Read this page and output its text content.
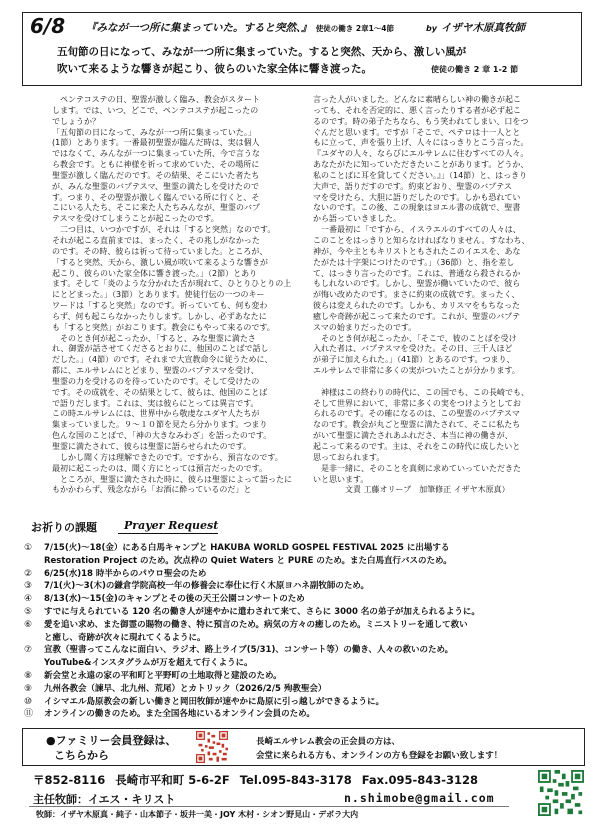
6/8 『みなが一つ所に集まっていた。すると突然、』 使徒の働き 2章1〜4節	by イザヤ木原真牧師
五旬節の日になって、みなが一つ所に集まっていた。すると突然、天から、激しい風が
吹いて来るような響きが起こり、彼らのいた家全体に響き渡った。	使徒の働き 2 章 1-2 節
　ペンテコステの日、聖霊が激しく臨み、教会がスタート
します。では、いつ、どこで、ペンテコステが起こったの
でしょうか？
「五旬節の日になって、みなが一つ所に集まっていた。」
(1節）とあります。一番最初聖霊が臨んだ時は、実は個人
ではなくて、みんなが一つに集まっていた所、今で言うな
ら教会です。ともに神様を祈って求めていた、その場所に
聖霊が激しく臨んだのです。その結果、そこにいた者たち
が、みんな聖霊のバプテスマ、聖霊の満たしを受けたので
す。つまり、その聖霊が激しく臨んでいる所に行くと、そ
こにいる人たち、そこに来た人たちみんなが、聖霊のバプ
テスマを受けてしまうことが起こったのです。
　二つ目は、いつかですが、それは「すると突然」なのです。
それが起こる直前までは、まったく、その兆しがなかった
のです。その時、彼らは祈って待っていました。ところが、
「すると突然、天から、激しい風が吹いて来るような響きが
起こり、彼らのいた家全体に響き渡った。」（2節）とあり
ます。そして「炎のような分かれた舌が現れて、ひとりひとりの上
にとどまった。」（3節）とあります。使徒行伝の一つのキー
ワードは「すると突然」なのです。祈っていても、何も変わ
らず、何も起こらなかったりします。しかし、必ずあなたに
も「すると突然」がおこります。教会にもやって来るのです。
　そのとき何が起こったか、「すると、みな聖霊に満たさ
れ、御霊が話させてくださるとおりに、他国のことばで話し
だした。」（4節）のです。それまで大宣教命令に従うために、
都に、エルサレムにとどまり、聖霊のバプテスマを受け、
聖霊の力を受けるのを待っていたのです。そして受けたの
です。その成就を、その結果として、彼らは、他国のことば
で語りだします。これは、実は彼らにとっては異言です。
この時エルサレムには、世界中から敬虔なユダヤ人たちが
集まっていました。９〜１０節を見たら分かります。つまり
色んな国のことばで、「神の大きなみわざ」を語ったのです。
聖霊に満たされて、彼らは聖霊に語らせられたのです。
　しかし聞く方は理解できたのです。ですから、預言なのです。
最初に起こったのは、聞く方にとっては預言だったのです。
　ところが、聖霊に満たされた時に、彼らは聖霊によって語ったに
もかかわらず、残念ながら「お酒に酔っているのだ」と
言った人がいました。どんなに素晴らしい神の働きが起こ
っても、それを否定的に、悪く言ったりする者が必ず起こ
るのです。時の弟子たちなら、もう笑われてしまい、口をつ
ぐんだと思います。ですが「そこで、ペテロは十一人とと
もに立って、声を張り上げ、人々にはっきりとこう言った。
『ユダヤの人々、ならびにエルサレムに住むすべての人々。
あなたがたに知っていただきたいことがあります。どうか、
私のことばに耳を貸してください。』」（14節）と、はっきり
大声で、語りだすのです。約束どおり、聖霊のバプテス
マを受けたら、大胆に語りだしたのです。しかも恐れてい
ないのです。この後、この現象はヨエル書の成就で、聖書
から語っていきました。
　一番最初に「ですから、イスラエルのすべての人々は、
このことをはっきりと知らなければなりません。すなわち、
神が、今や主ともキリストともされたこのイエスを、あな
たがたは十字架につけたのです。」（36節）と、指を差し
て、はっきり言ったのです。これは、普通なら殺されるか
もしれないのです。しかし、聖霊が働いていたので、彼ら
が悔い改めたのです。まさに約束の成就です。まったく、
彼らは変えられたのです。しかも、カリスマをもちなった
癒しや奇跡が起こって来たのです。これが、聖霊のバプテ
スマの始まりだったのです。
　そのとき何が起こったか、「そこで、彼のことばを受け
入れた者は、バプテスマを受けた。その日、三千人ほど
が弟子に加えられた。」（41節）とあるのです。つまり、
エルサレムで非常に多くの実がついたことが分かります。
　神様はこの終わりの時代に、この国でも、この長崎でも、
そして世界において、非常に多くの実をつけようとしてお
られるのです。その確になるのは、この聖霊のバプテスマ
なのです。教会が丸ごと聖霊に満たされて、そこに私たち
がいて聖霊に満たされあふれださ、本当に神の働きが、
起こって来るのです。主は、それをこの時代に成したいと
思っておられます。
　是非一緒に、そのことを真剣に求めていっていただきた
いと思います。
　　　　文責 工藤オリーブ　加筆修正 イザヤ木原真）
お祈りの課題 Prayer Request
① 7/15(火)〜18(金）にある白馬キャンプと HAKUBA WORLD GOSPEL FESTIVAL 2025 に出場する
Restoration Project のため。次点枠の Quiet Waters と PURE のため。また白馬直行バスのため。
② 6/25(水)18 時半からのパウロ聖会のため
③ 7/1(火)〜3(木)の鎌倉学院高校一年の修養会に奉仕に行く木原ヨハネ副牧師のため。
④ 8/13(水)〜15(金)のキャンプとその後の天王公園コンサートのため
⑤ すでに与えられている 120 名の働き人が速やかに遣わされて来て、さらに 3000 名の弟子が加えられるように。
⑥ 愛を追い求め、また御霊の賜物の働き、特に預言のため。病気の方々の癒しのため。ミニストリーを通して救い
と癒し、奇跡が次々に現れてくるように。
⑦ 宣教（聖書ってこんなに面白い、ラジオ、路上ライブ(5/31)、コンサート等）の働き、人々の救いのため。
YouTube&インスタグラムが万を超えて行くように。
⑧ 新会堂と永遠の家の平和町と平野町の土地取得と建設のため。
⑨ 九州各教会（諫早、北九州、荒尾）とカトリック（2026/2/5 殉教聖会）
⑩ イシマエル島原教会の新しい働きと岡田牧師が速やかに島原に引っ越しができるように。
⑪ オンラインの働きのため。また全国各地にいるオンライン会員のため。
●ファミリー会員登録は、
こちらから
長崎エルサレム教会の正会員の方は、
会堂に来られる方も、オンラインの方も登録をお願い致します！
〒852-8116 長崎市平和町 5-6-2F Tel.095-843-3178 Fax.095-843-3128
主任牧師：イエス・キリスト	n.shimobe@gmail.com
牧師：イザヤ木原真・純子・山本節子・坂井一美・JOY 木村・シオン野見山・デボラ大内
